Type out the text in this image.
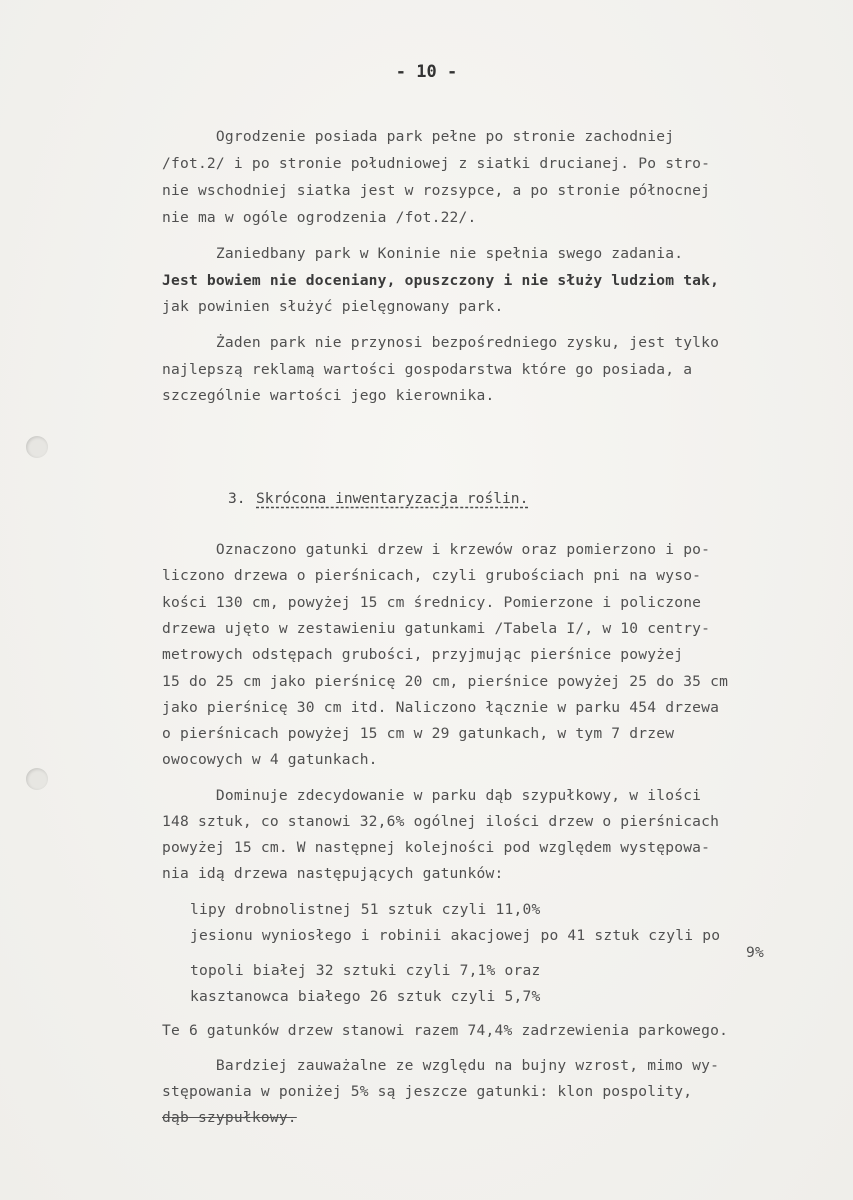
- 10 -

Ogrodzenie posiada park pełne po stronie zachodniej

/fot.2/ i po stronie południowej z siatki drucianej. Po stro-

nie wschodniej siatka jest w rozsypce, a po stronie północnej

nie ma w ogóle ogrodzenia /fot.22/.

Zaniedbany park w Koninie nie spełnia swego zadania.

Jest bowiem nie doceniany, opuszczony i nie służy ludziom tak,

jak powinien służyć pielęgnowany park.

Żaden park nie przynosi bezpośredniego zysku, jest tylko

najlepszą reklamą wartości gospodarstwa które go posiada, a

szczególnie wartości jego kierownika.

3. Skrócona inwentaryzacja roślin.

Oznaczono gatunki drzew i krzewów oraz pomierzono i po-

liczono drzewa o pierśnicach, czyli grubościach pni na wyso-

kości 130 cm, powyżej 15 cm średnicy. Pomierzone i policzone

drzewa ujęto w zestawieniu gatunkami /Tabela I/, w 10 centry-

metrowych odstępach grubości, przyjmując pierśnice powyżej

15 do 25 cm jako pierśnicę 20 cm, pierśnice powyżej 25 do 35 cm

jako pierśnicę 30 cm itd. Naliczono łącznie w parku 454 drzewa

o pierśnicach powyżej 15 cm w 29 gatunkach, w tym 7 drzew

owocowych w 4 gatunkach.

Dominuje zdecydowanie w parku dąb szypułkowy, w ilości

148 sztuk, co stanowi 32,6% ogólnej ilości drzew o pierśnicach

powyżej 15 cm. W następnej kolejności pod względem występowa-

nia idą drzewa następujących gatunków:

lipy drobnolistnej 51 sztuk czyli 11,0%

jesionu wyniosłego i robinii akacjowej po 41 sztuk czyli po

9%

topoli białej 32 sztuki czyli 7,1% oraz

kasztanowca białego 26 sztuk czyli 5,7%

Te 6 gatunków drzew stanowi razem 74,4% zadrzewienia parkowego.

Bardziej zauważalne ze względu na bujny wzrost, mimo wy-

stępowania w poniżej 5% są jeszcze gatunki: klon pospolity,

dąb szypułkowy.
